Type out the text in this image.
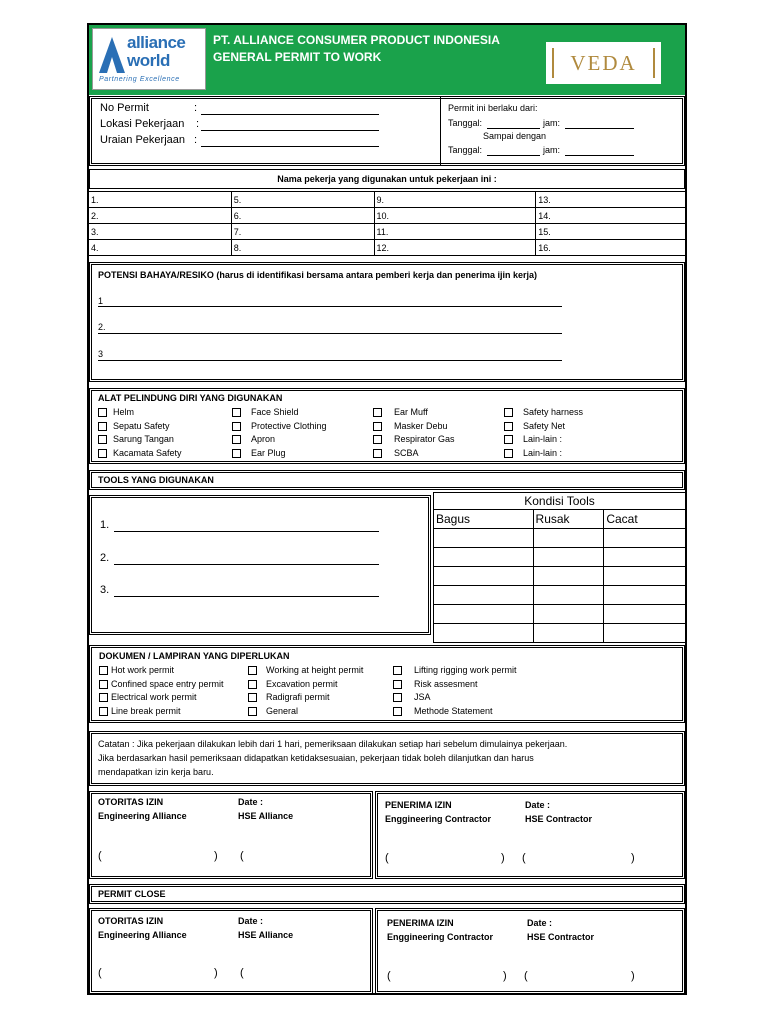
alliance
world
Partnering Excellence
PT. ALLIANCE CONSUMER PRODUCT INDONESIA
GENERAL PERMIT TO WORK	VEDA
No Permit	:
Lokasi Pekerjaan :
Uraian Pekerjaan :
Permit ini berlaku dari:
Tanggal:	jam:
Sampai dengan
Tanggal:	jam:
Nama pekerja yang digunakan untuk pekerjaan ini :
1.	5.	9.	13.
2.	6.	10.	14.
3.	7.	11.	15.
4.	8.	12.	16.
POTENSI BAHAYA/RESIKO (harus di identifikasi bersama antara pemberi kerja dan penerima ijin kerja)
1
2.
3
ALAT PELINDUNG DIRI YANG DIGUNAKAN
Helm
Sepatu Safety
Sarung Tangan
Kacamata Safety
Face Shield
Protective Clothing
Apron
Ear Plug
Ear Muff
Masker Debu
Respirator Gas
SCBA
Safety harness
Safety Net
Lain-lain :
Lain-lain :
TOOLS YANG DIGUNAKAN
1.
2.
3.
Kondisi Tools		
Bagus	Rusak	Cacat

DOKUMEN / LAMPIRAN YANG DIPERLUKAN
Hot work permit
Confined space entry permit
Electrical work permit
Line break permit
Working at height permit
Excavation permit
Radigrafi permit
General
Lifting rigging work permit
Risk assesment
JSA
Methode Statement
Catatan : Jika pekerjaan dilakukan lebih dari 1 hari, pemeriksaan dilakukan setiap hari sebelum dimulainya pekerjaan.
Jika berdasarkan hasil pemeriksaan didapatkan ketidaksesuaian, pekerjaan tidak boleh dilanjutkan dan harus
mendapatkan izin kerja baru.
OTORITAS IZIN
Engineering Alliance
Date :
HSE Alliance
(	) (
PENERIMA IZIN
Enggineering Contractor
Date :
HSE Contractor
(	) (	)
PERMIT CLOSE
OTORITAS IZIN
Engineering Alliance
Date :
HSE Alliance
(	) (
PENERIMA IZIN
Enggineering Contractor
Date :
HSE Contractor
(	) (	)
